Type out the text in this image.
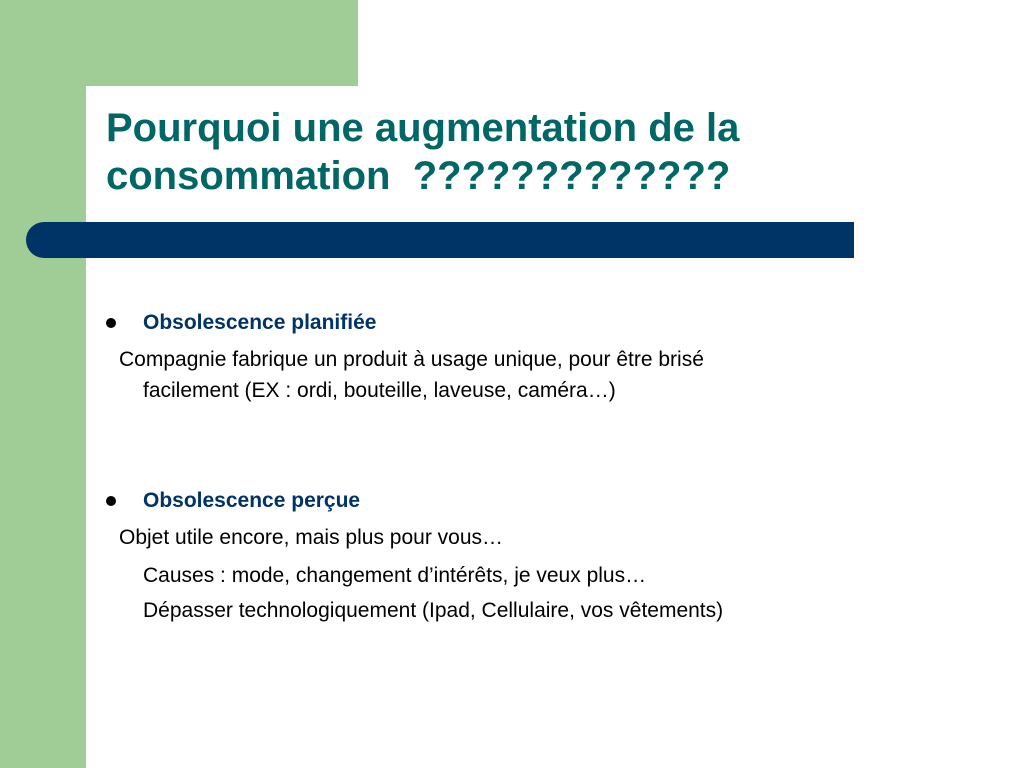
Pourquoi une augmentation de la
consommation  ?????????????
Obsolescence planifiée
Compagnie fabrique un produit à usage unique, pour être brisé
facilement (EX : ordi, bouteille, laveuse, caméra…)
Obsolescence perçue
Objet utile encore, mais plus pour vous…
Causes : mode, changement d’intérêts, je veux plus…
Dépasser technologiquement (Ipad, Cellulaire, vos vêtements)
